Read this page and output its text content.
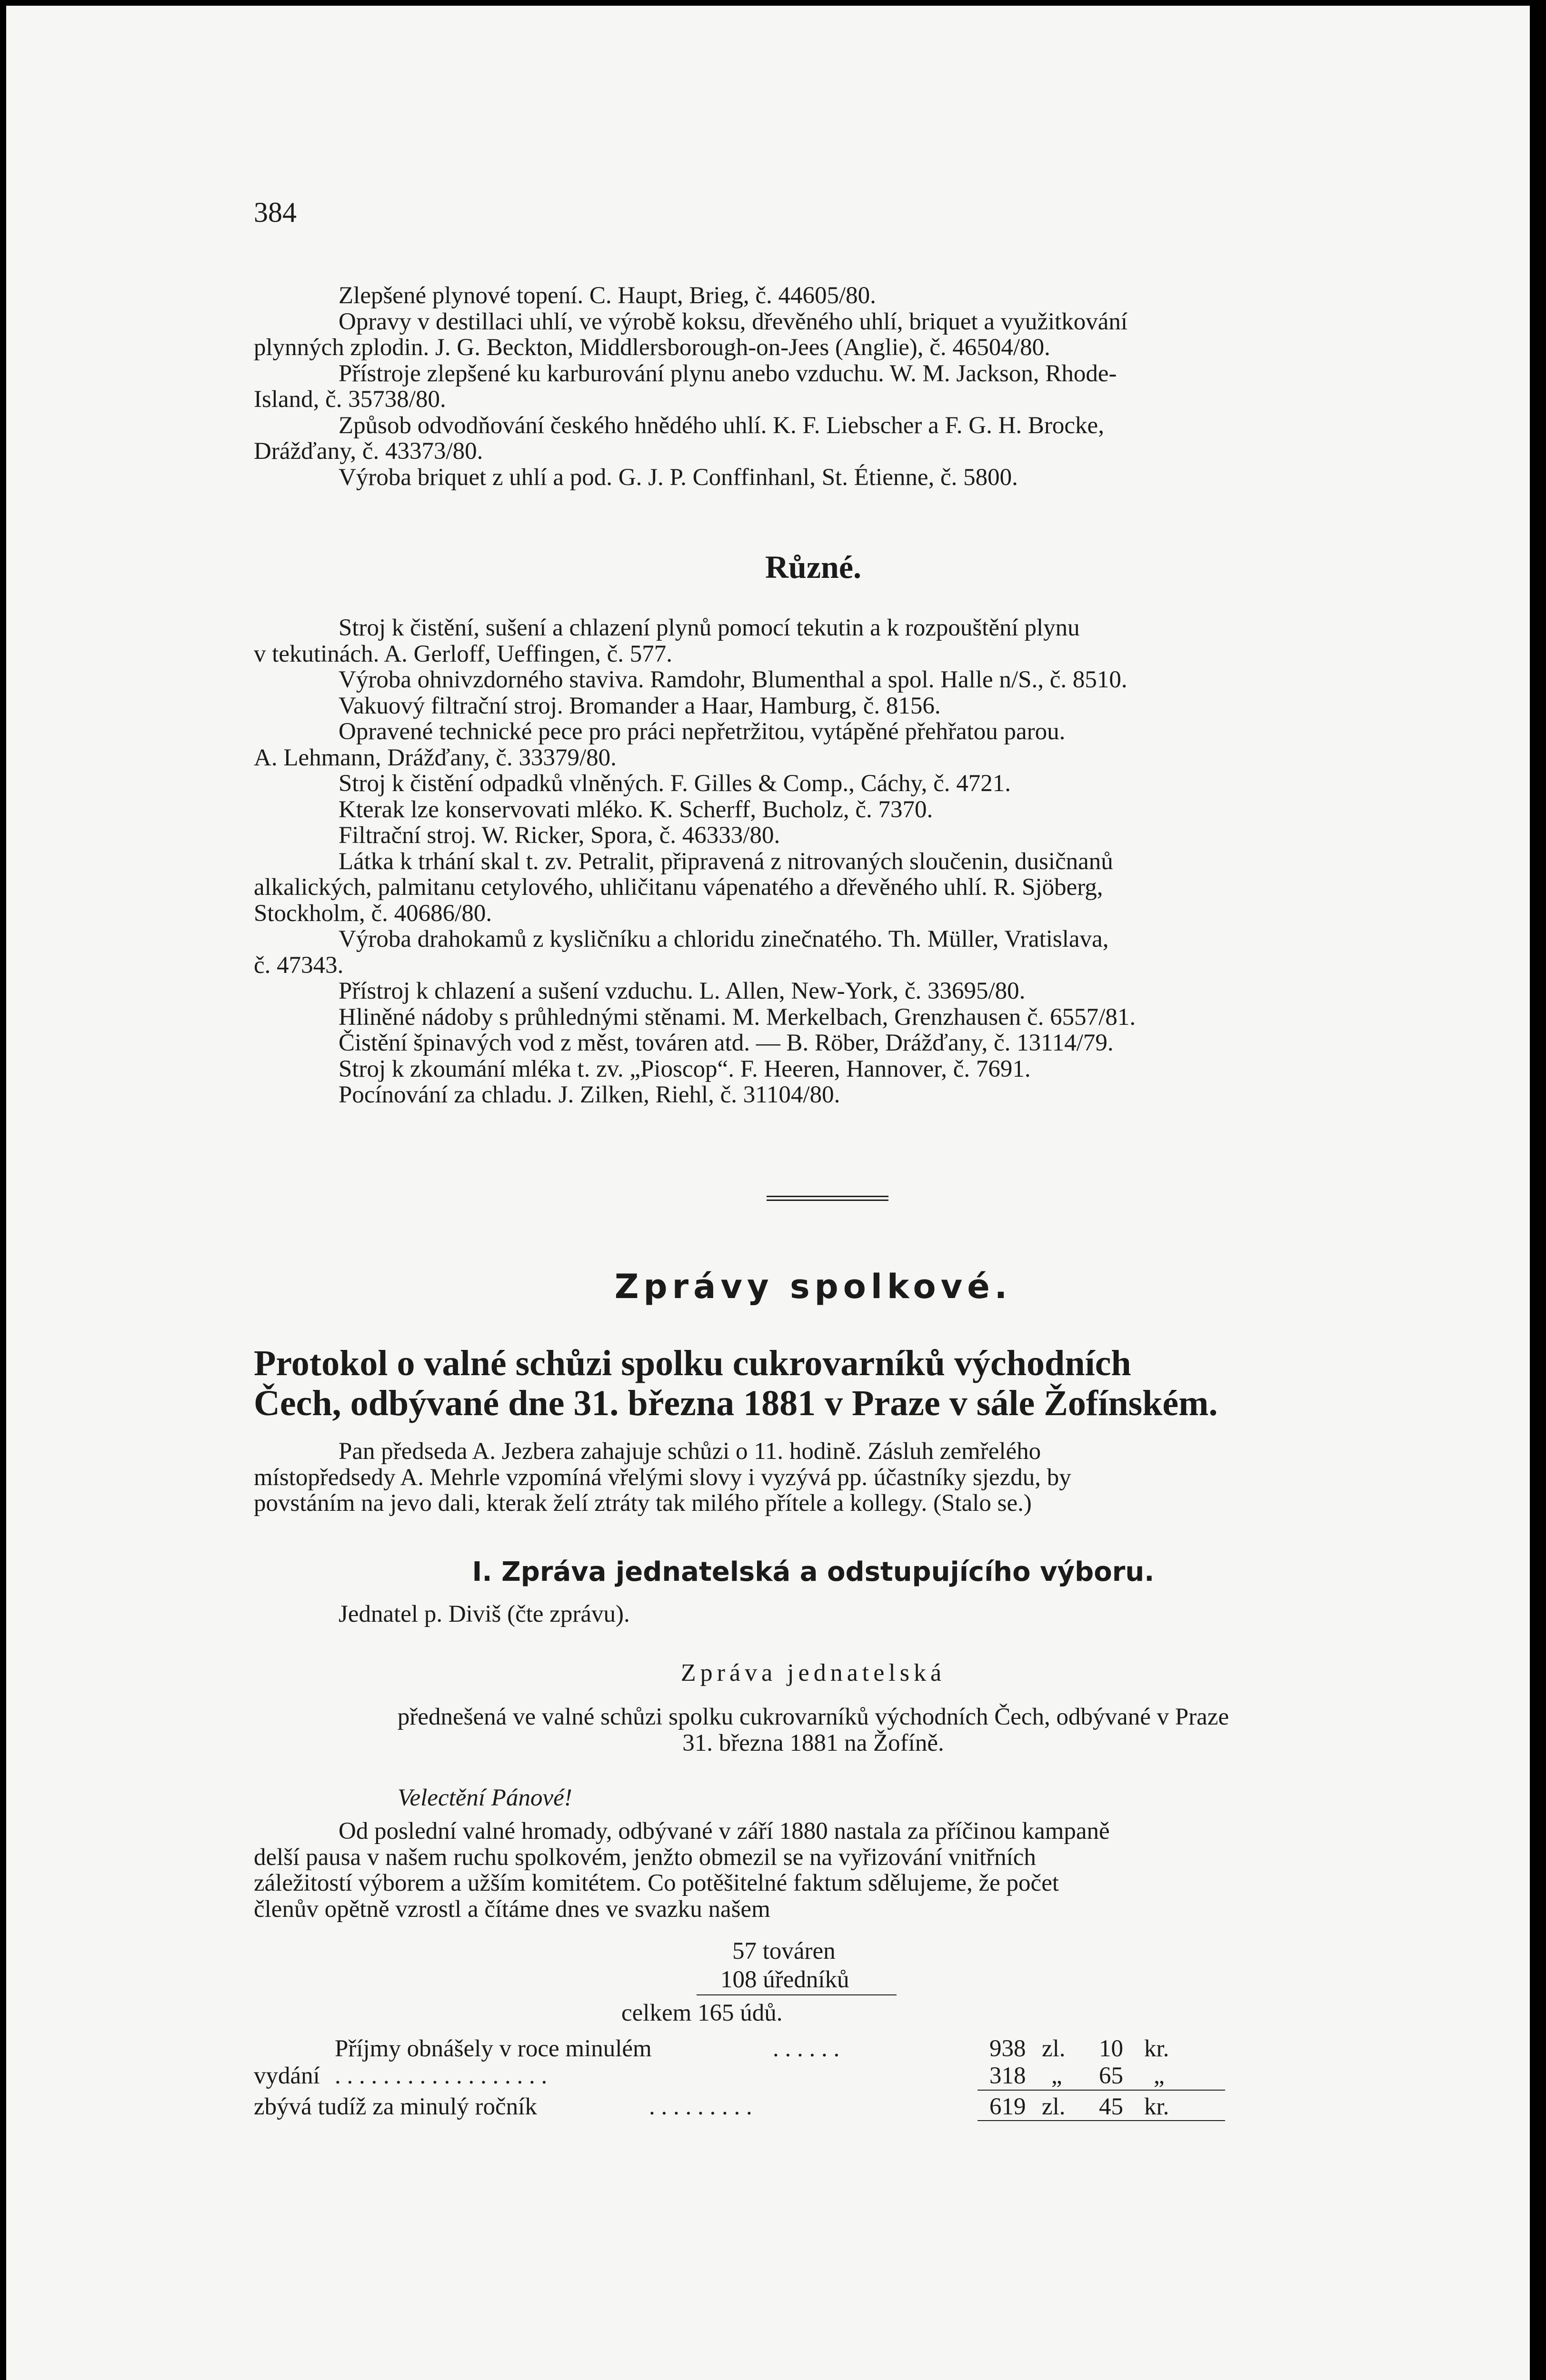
384
Zlepšené plynové topení. C. Haupt, Brieg, č. 44605/80.
Opravy v destillaci uhlí, ve výrobě koksu, dřevěného uhlí, briquet a využitkování
plynných zplodin. J. G. Beckton, Middlersborough-on-Jees (Anglie), č. 46504/80.
Přístroje zlepšené ku karburování plynu anebo vzduchu. W. M. Jackson, Rhode-
Island, č. 35738/80.
Způsob odvodňování českého hnědého uhlí. K. F. Liebscher a F. G. H. Brocke,
Drážďany, č. 43373/80.
Výroba briquet z uhlí a pod. G. J. P. Conffinhanl, St. Étienne, č. 5800.
Různé.
Stroj k čistění, sušení a chlazení plynů pomocí tekutin a k rozpouštění plynu
v tekutinách. A. Gerloff, Ueffingen, č. 577.
Výroba ohnivzdorného staviva. Ramdohr, Blumenthal a spol. Halle n/S., č. 8510.
Vakuový filtrační stroj. Bromander a Haar, Hamburg, č. 8156.
Opravené technické pece pro práci nepřetržitou, vytápěné přehřatou parou.
A. Lehmann, Drážďany, č. 33379/80.
Stroj k čistění odpadků vlněných. F. Gilles & Comp., Cáchy, č. 4721.
Kterak lze konservovati mléko. K. Scherff, Bucholz, č. 7370.
Filtrační stroj. W. Ricker, Spora, č. 46333/80.
Látka k trhání skal t. zv. Petralit, připravená z nitrovaných sloučenin, dusičnanů
alkalických, palmitanu cetylového, uhličitanu vápenatého a dřevěného uhlí. R. Sjöberg,
Stockholm, č. 40686/80.
Výroba drahokamů z kysličníku a chloridu zinečnatého. Th. Müller, Vratislava,
č. 47343.
Přístroj k chlazení a sušení vzduchu. L. Allen, New-York, č. 33695/80.
Hliněné nádoby s průhlednými stěnami. M. Merkelbach, Grenzhausen č. 6557/81.
Čistění špinavých vod z měst, továren atd. — B. Röber, Drážďany, č. 13114/79.
Stroj k zkoumání mléka t. zv. „Pioscop“. F. Heeren, Hannover, č. 7691.
Pocínování za chladu. J. Zilken, Riehl, č. 31104/80.
Zprávy spolkové.
Protokol o valné schůzi spolku cukrovarníků východních
Čech, odbývané dne 31. března 1881 v Praze v sále Žofínském.
Pan předseda A. Jezbera zahajuje schůzi o 11. hodině. Zásluh zemřelého
místopředsedy A. Mehrle vzpomíná vřelými slovy i vyzývá pp. účastníky sjezdu, by
povstáním na jevo dali, kterak želí ztráty tak milého přítele a kollegy. (Stalo se.)
I. Zpráva jednatelská a odstupujícího výboru.
Jednatel p. Diviš (čte zprávu).
Zpráva jednatelská
přednešená ve valné schůzi spolku cukrovarníků východních Čech, odbývané v Praze
31. března 1881 na Žofíně.
Velectění Pánové!
Od poslední valné hromady, odbývané v září 1880 nastala za příčinou kampaně
delší pausa v našem ruchu spolkovém, jenžto obmezil se na vyřizování vnitřních
záležitostí výborem a užším komitétem. Co potěšitelné faktum sdělujeme, že počet
členův opětně vzrostl a čítáme dnes ve svazku našem
57 továren
108 úředníků
celkem 165 údů.
Příjmy obnášely v roce minulém	. . . . . .	938 zl. 10 kr.
vydání . . . . . . . . . . . . . . . . . .	318 „ 65 „
zbývá tudíž za minulý ročník	. . . . . . . . .	619 zl. 45 kr.
